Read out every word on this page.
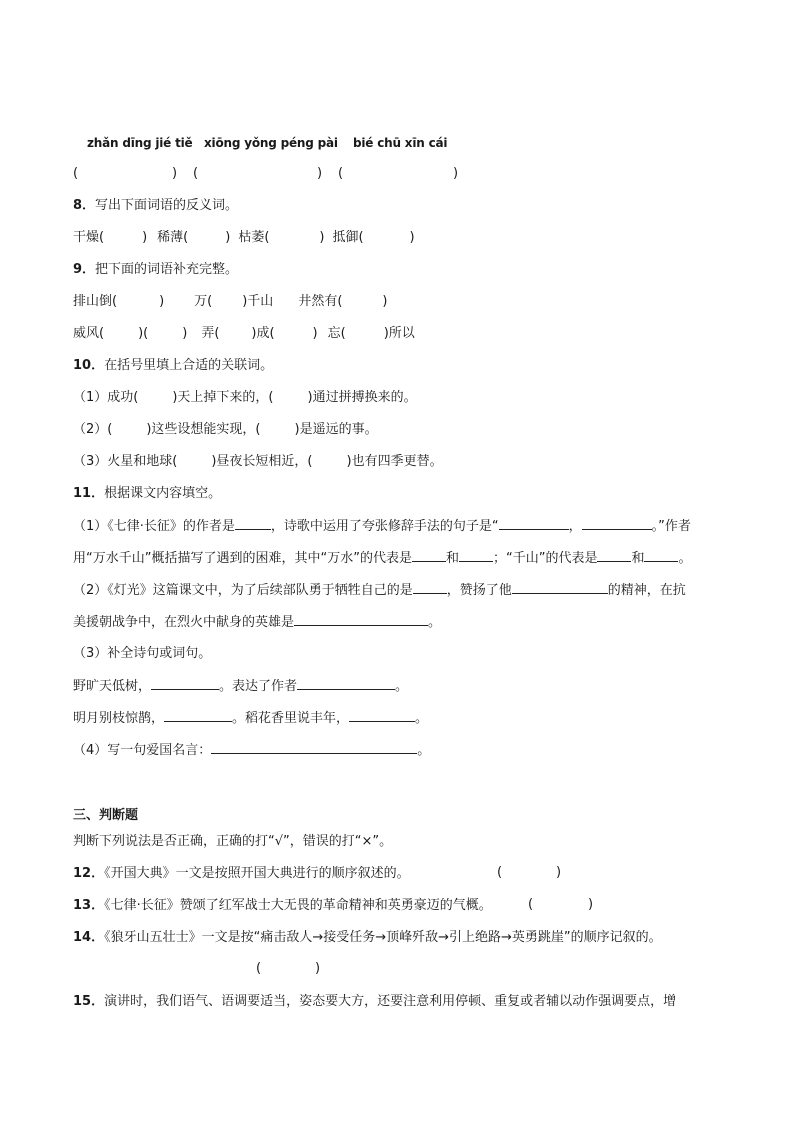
zhǎn dīng jié tiě xiōng yǒng péng pài bié chū xīn cái
(	) (	) (	)
8．写出下面词语的反义词。
干燥(	) 稀薄(	) 枯萎(	) 抵御(	)
9．把下面的词语补充完整。
排山倒(	) 万( )千山 井然有(	)
威风(	)(	) 弄( )成(	) 忘(	)所以
10．在括号里填上合适的关联词。
（1）成功(	)天上掉下来的，(	)通过拼搏换来的。
（2）(	)这些设想能实现，(	)是遥远的事。
（3）火星和地球(	)昼夜长短相近，(	)也有四季更替。
11．根据课文内容填空。
（1）《七律·长征》的作者是	，诗歌中运用了夸张修辞手法的句子是“	，	。”作者
用“万水千山”概括描写了遇到的困难，其中“万水”的代表是	和	；“千山”的代表是	和	。
（2）《灯光》这篇课文中，为了后续部队勇于牺牲自己的是	，赞扬了他	的精神，在抗
美援朝战争中，在烈火中献身的英雄是	。
（3）补全诗句或词句。
野旷天低树，	。表达了作者	。
明月别枝惊鹊，	。稻花香里说丰年，	。
（4）写一句爱国名言：	。
三、判断题
判断下列说法是否正确，正确的打“√”，错误的打“×”。
12．《开国大典》一文是按照开国大典进行的顺序叙述的。	(	)
13．《七律·长征》赞颂了红军战士大无畏的革命精神和英勇豪迈的气概。	(	)
14．《狼牙山五壮士》一文是按“痛击敌人→接受任务→顶峰歼敌→引上绝路→英勇跳崖”的顺序记叙的。
(	)
15．演讲时，我们语气、语调要适当，姿态要大方，还要注意利用停顿、重复或者辅以动作强调要点，增
